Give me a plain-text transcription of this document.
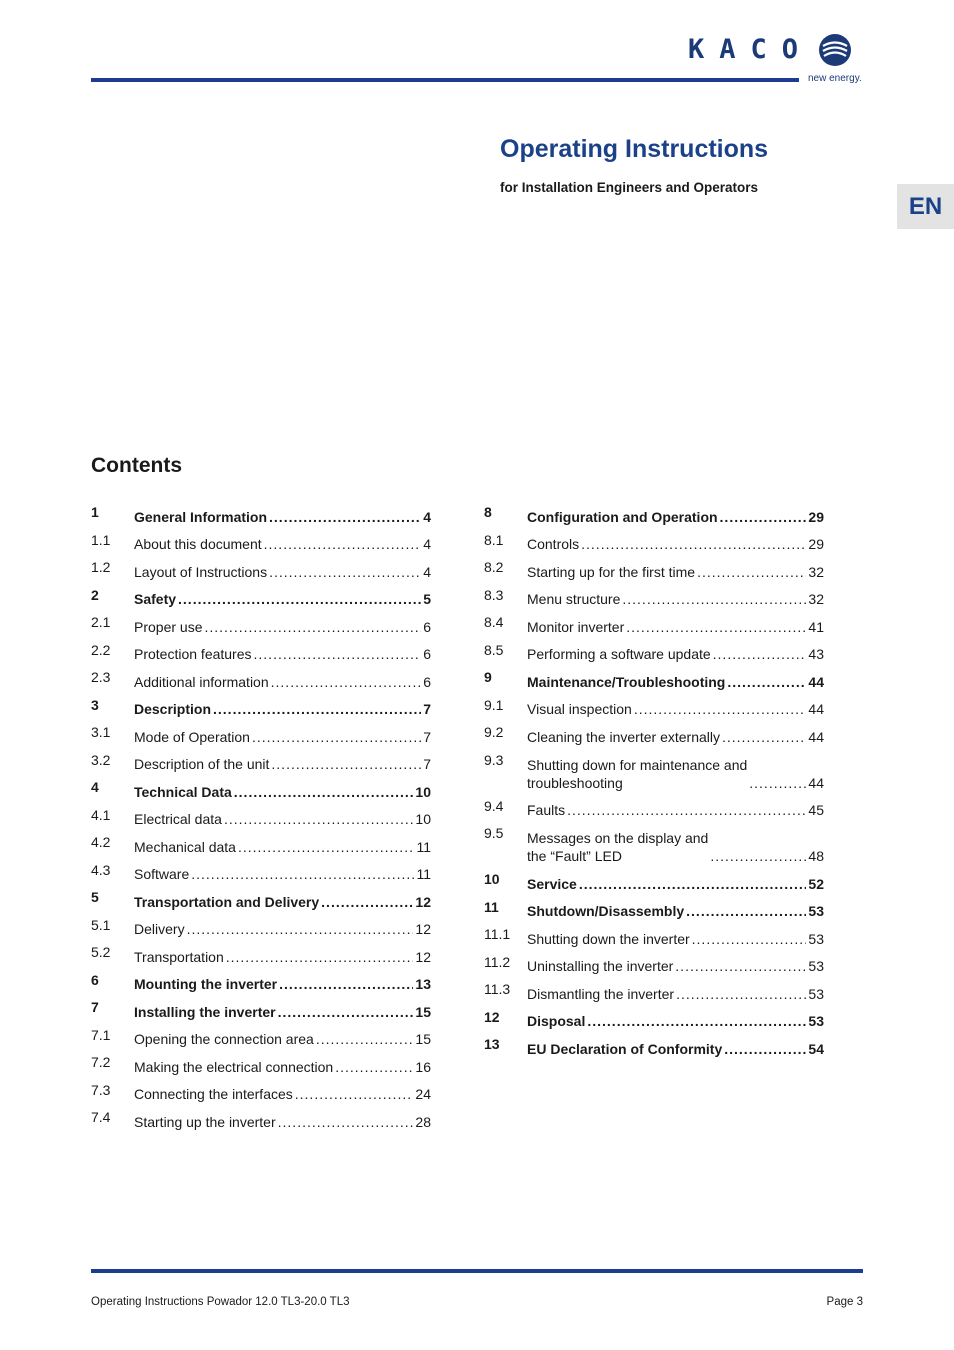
KACO
new energy.
Operating Instructions
for Installation Engineers and Operators
EN
Contents
1	General Information .....	4
1.1	About this document .....	4
1.2	Layout of Instructions .....	4
2	Safety .....	5
2.1	Proper use .....	6
2.2	Protection features .....	6
2.3	Additional information .....	6
3	Description .....	7
3.1	Mode of Operation .....	7
3.2	Description of the unit .....	7
4	Technical Data .....	10
4.1	Electrical data .....	10
4.2	Mechanical data .....	11
4.3	Software .....	11
5	Transportation and Delivery .....	12
5.1	Delivery .....	12
5.2	Transportation .....	12
6	Mounting the inverter .....	13
7	Installing the inverter .....	15
7.1	Opening the connection area .....	15
7.2	Making the electrical connection .....	16
7.3	Connecting the interfaces .....	24
7.4	Starting up the inverter .....	28
8	Configuration and Operation .....	29
8.1	Controls .....	29
8.2	Starting up for the first time .....	32
8.3	Menu structure .....	32
8.4	Monitor inverter .....	41
8.5	Performing a software update .....	43
9	Maintenance/Troubleshooting .....	44
9.1	Visual inspection .....	44
9.2	Cleaning the inverter externally .....	44
9.3	Shutting down for maintenance and
troubleshooting .....	44
9.4	Faults .....	45
9.5	Messages on the display and
the “Fault” LED .....	48
10	Service .....	52
11	Shutdown/Disassembly .....	53
11.1	Shutting down the inverter .....	53
11.2	Uninstalling the inverter .....	53
11.3	Dismantling the inverter .....	53
12	Disposal .....	53
13	EU Declaration of Conformity .....	54
Operating Instructions Powador 12.0 TL3-20.0 TL3	Page 3
